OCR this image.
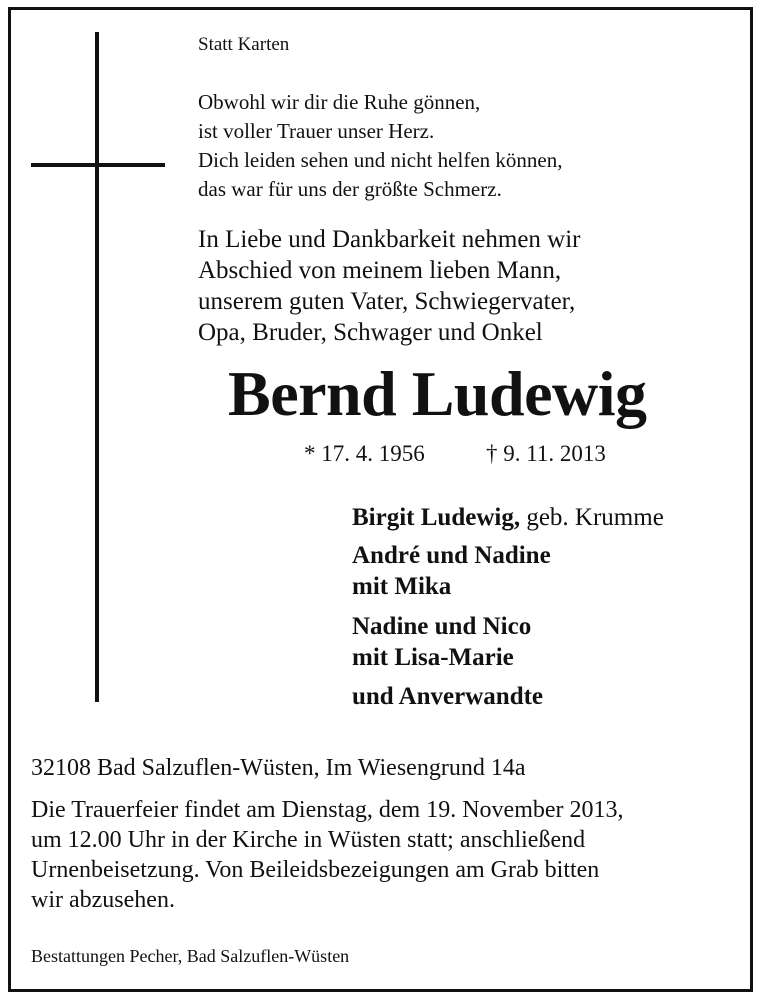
Statt Karten

Obwohl wir dir die Ruhe gönnen,
ist voller Trauer unser Herz.
Dich leiden sehen und nicht helfen können,
das war für uns der größte Schmerz.
In Liebe und Dankbarkeit nehmen wir
Abschied von meinem lieben Mann,
unserem guten Vater, Schwiegervater,
Opa, Bruder, Schwager und Onkel

Bernd Ludewig

* 17. 4. 1956	† 9. 11. 2013

Birgit Ludewig, geb. Krumme
André und Nadine
mit Mika
Nadine und Nico
mit Lisa-Marie
und Anverwandte

32108 Bad Salzuflen-Wüsten, Im Wiesengrund 14a

Die Trauerfeier findet am Dienstag, dem 19. November 2013,
um 12.00 Uhr in der Kirche in Wüsten statt; anschließend
Urnenbeisetzung. Von Beileidsbezeigungen am Grab bitten
wir abzusehen.

Bestattungen Pecher, Bad Salzuflen-Wüsten
